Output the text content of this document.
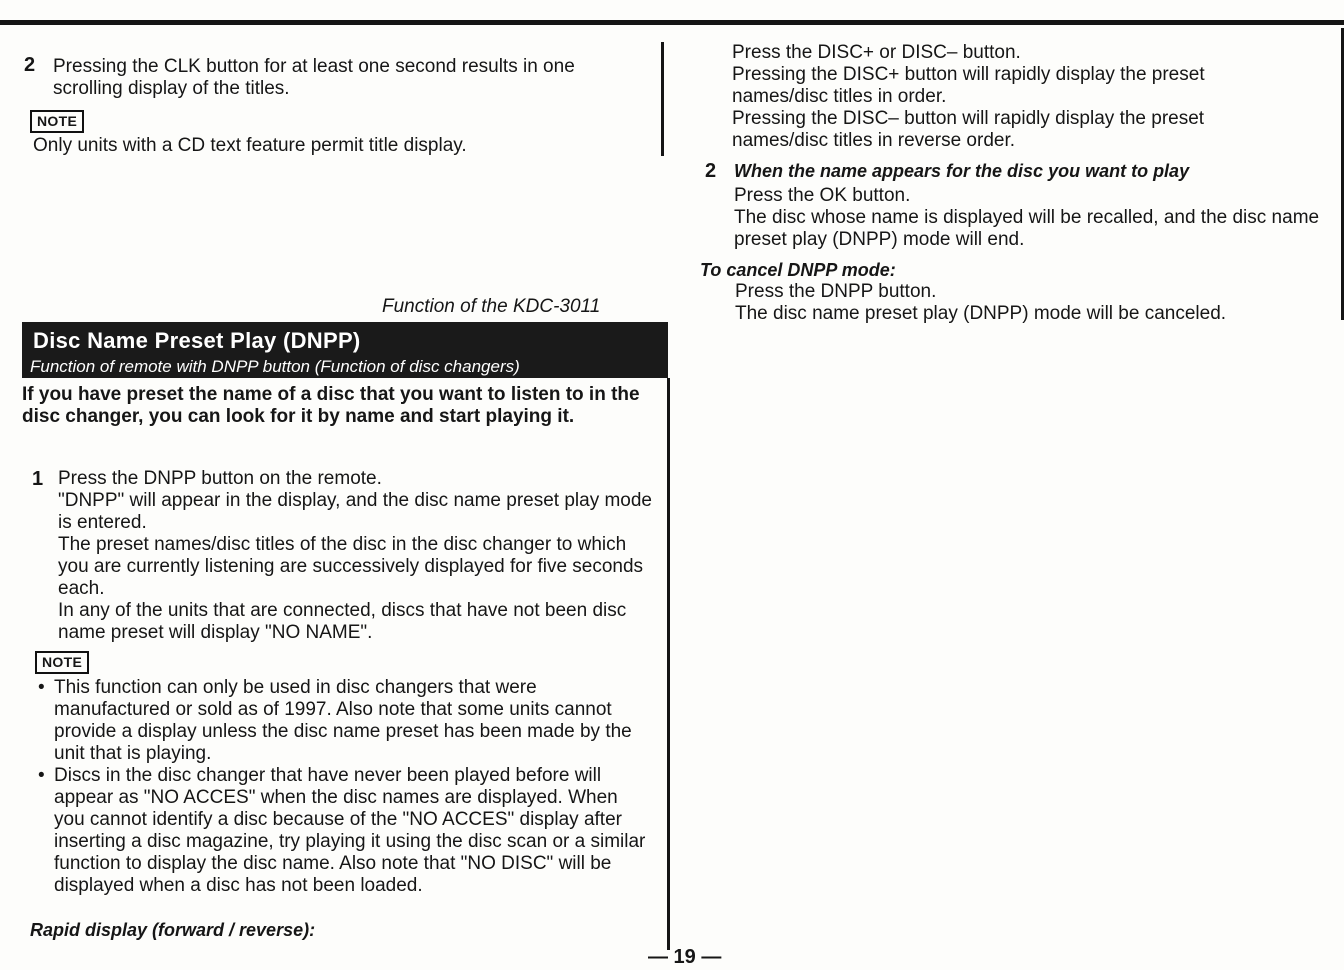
2 Pressing the CLK button for at least one second results in one scrolling display of the titles.
NOTE
Only units with a CD text feature permit title display.
Function of the KDC-3011
Disc Name Preset Play (DNPP)
Function of remote with DNPP button (Function of disc changers)
If you have preset the name of a disc that you want to listen to in the disc changer, you can look for it by name and start playing it.
1 Press the DNPP button on the remote.
"DNPP" will appear in the display, and the disc name preset play mode is entered.
The preset names/disc titles of the disc in the disc changer to which you are currently listening are successively displayed for five seconds each.
In any of the units that are connected, discs that have not been disc name preset will display "NO NAME".
NOTE
• This function can only be used in disc changers that were manufactured or sold as of 1997. Also note that some units cannot provide a display unless the disc name preset has been made by the unit that is playing.
• Discs in the disc changer that have never been played before will appear as "NO ACCES" when the disc names are displayed. When you cannot identify a disc because of the "NO ACCES" display after inserting a disc magazine, try playing it using the disc scan or a similar function to display the disc name. Also note that "NO DISC" will be displayed when a disc has not been loaded.
Rapid display (forward / reverse):
Press the DISC+ or DISC– button.
Pressing the DISC+ button will rapidly display the preset names/disc titles in order.
Pressing the DISC– button will rapidly display the preset names/disc titles in reverse order.
2 When the name appears for the disc you want to play
Press the OK button.
The disc whose name is displayed will be recalled, and the disc name preset play (DNPP) mode will end.
To cancel DNPP mode:
Press the DNPP button.
The disc name preset play (DNPP) mode will be canceled.
— 19 —
